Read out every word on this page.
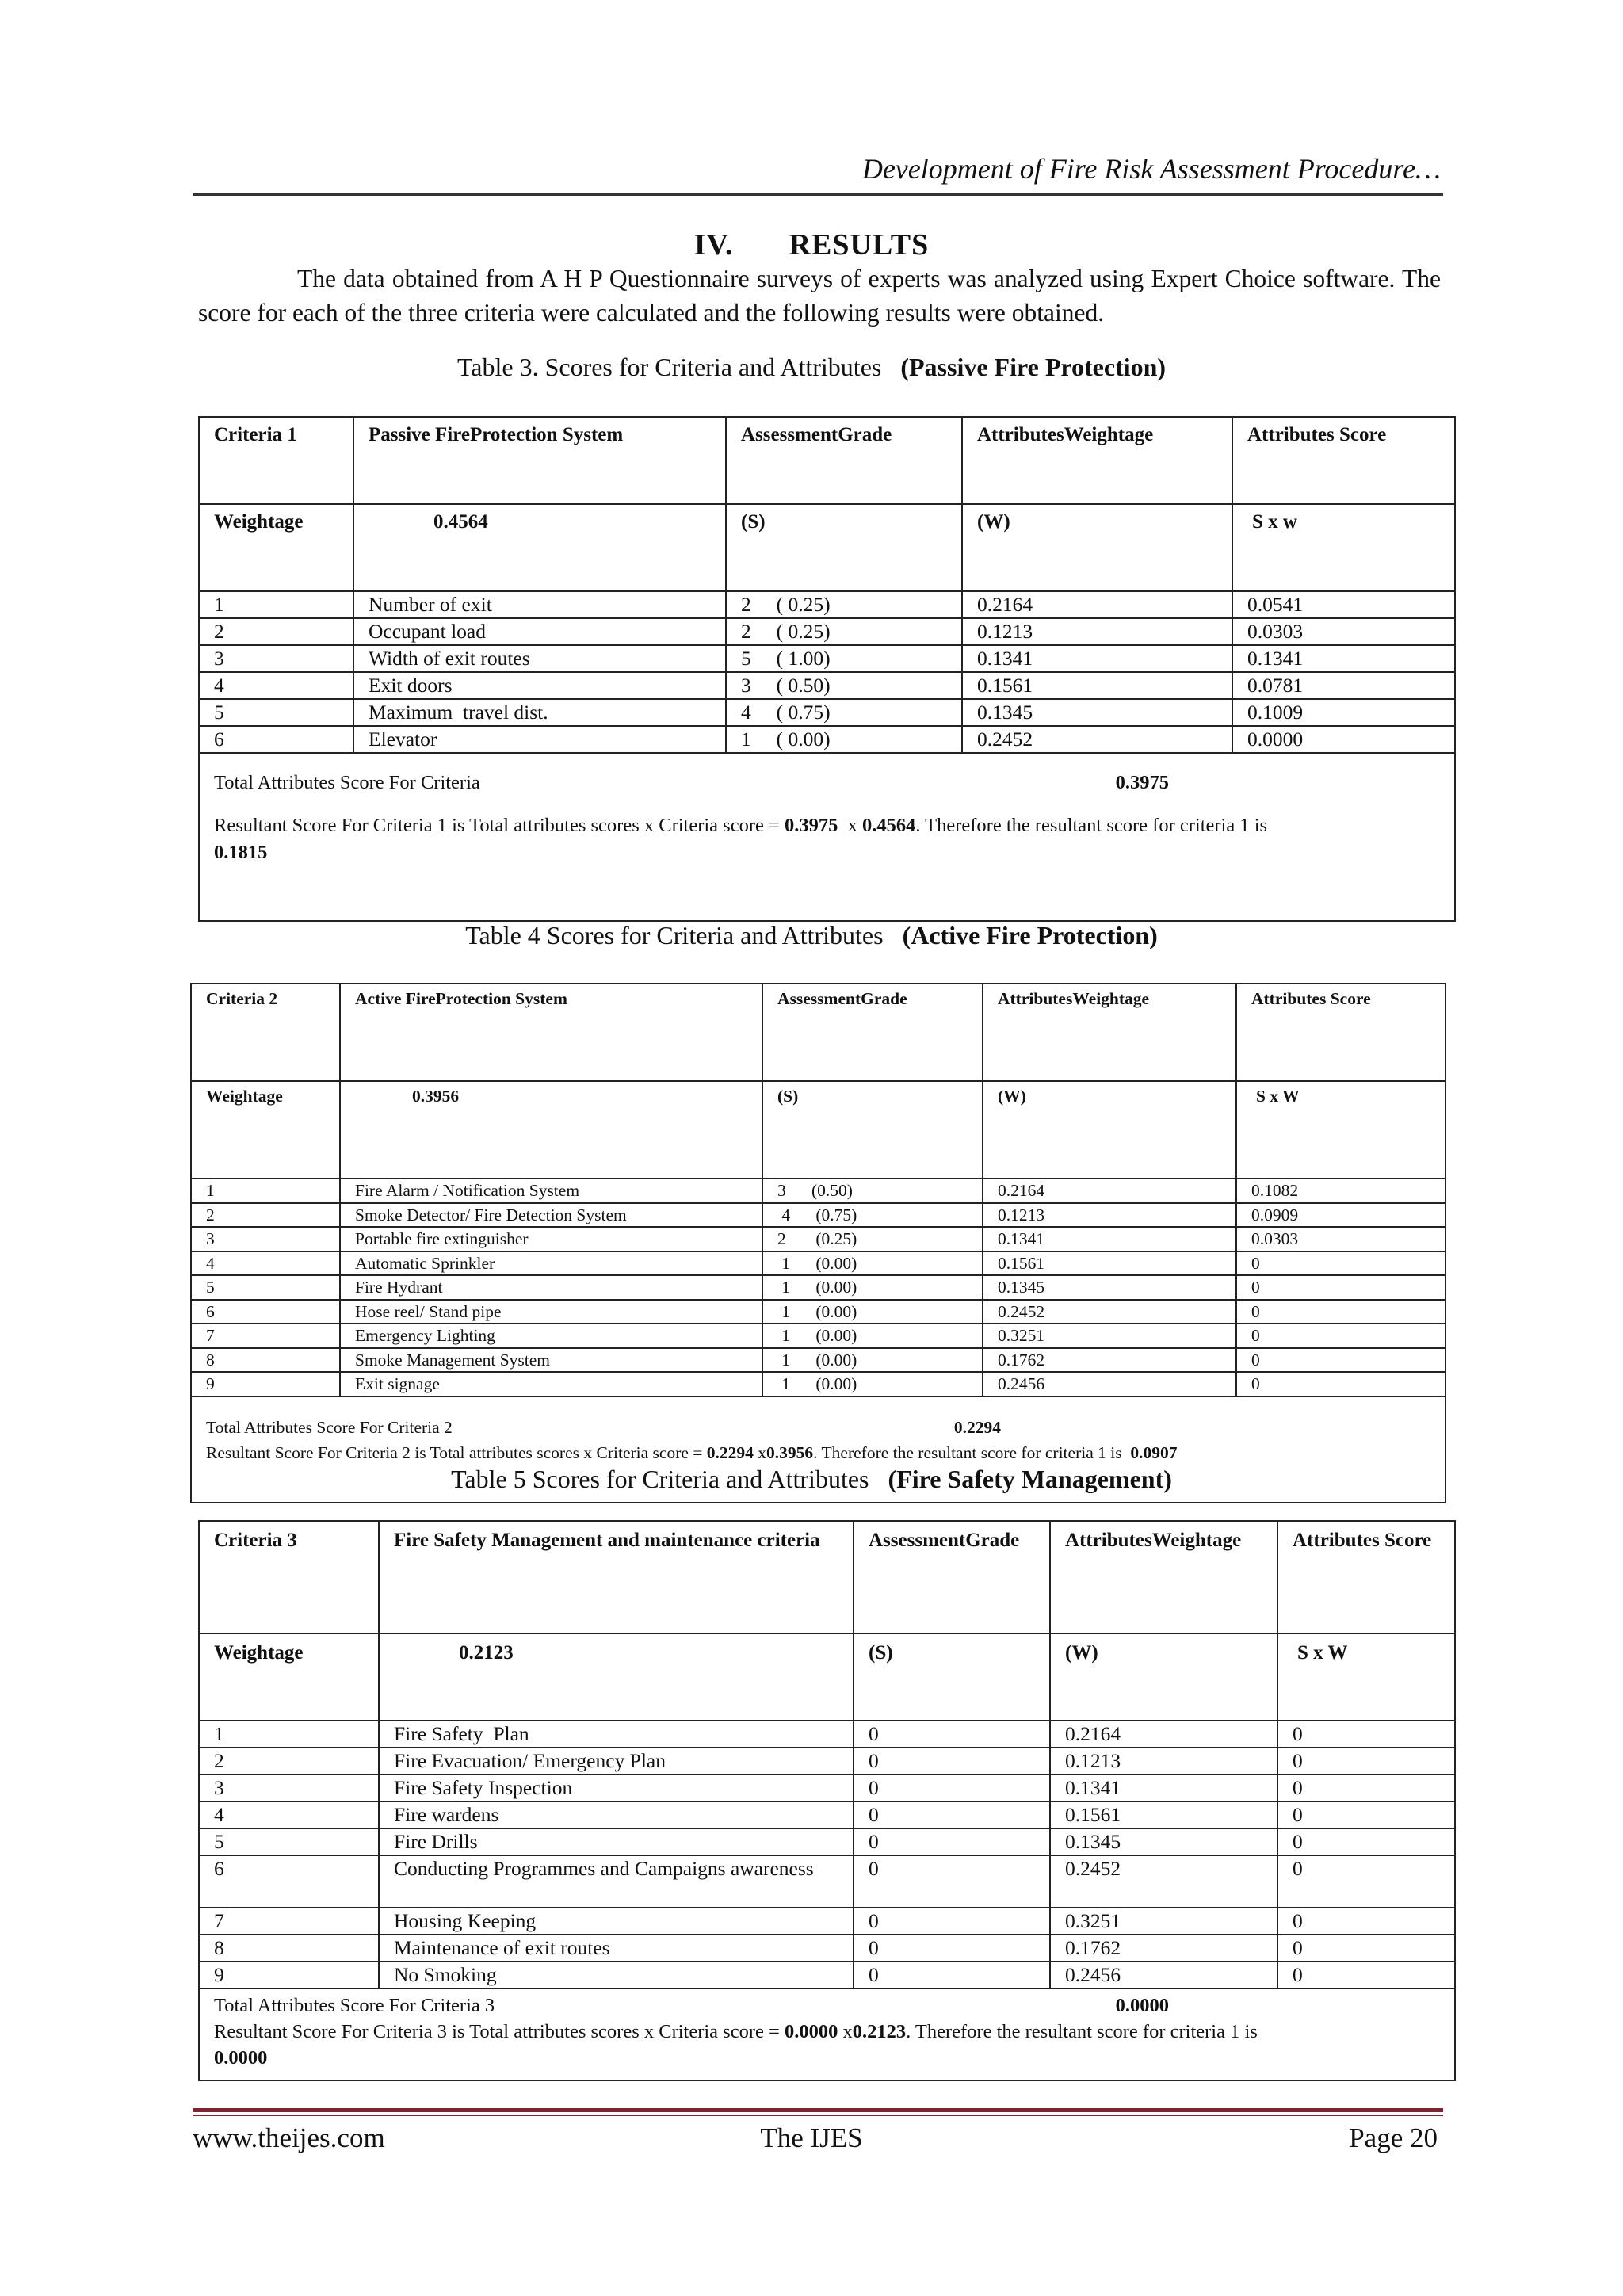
Development of Fire Risk Assessment Procedure…
IV. RESULTS
The data obtained from A H P Questionnaire surveys of experts was analyzed using Expert Choice software. The score for each of the three criteria were calculated and the following results were obtained.
Table 3. Scores for Criteria and Attributes (Passive Fire Protection)
Criteria 1	Passive FireProtection System	AssessmentGrade	AttributesWeightage	Attributes Score
Weightage	0.4564	(S)	(W)	S x w
1	Number of exit	2     ( 0.25)	0.2164	0.0541
2	Occupant load	2     ( 0.25)	0.1213	0.0303
3	Width of exit routes	5     ( 1.00)	0.1341	0.1341
4	Exit doors	3     ( 0.50)	0.1561	0.0781
5	Maximum  travel dist.	4     ( 0.75)	0.1345	0.1009
6	Elevator	1     ( 0.00)	0.2452	0.0000

Total Attributes Score For Criteria 0.3975
Resultant Score For Criteria 1 is Total attributes scores x Criteria score = 0.3975  x 0.4564. Therefore the resultant score for criteria 1 is
0.1815				
Table 4 Scores for Criteria and Attributes (Active Fire Protection)
Criteria 2	Active FireProtection System	AssessmentGrade	AttributesWeightage	Attributes Score
Weightage	0.3956	(S)	(W)	S x W
1	Fire Alarm / Notification System	3      (0.50)	0.2164	0.1082
2	Smoke Detector/ Fire Detection System	4      (0.75)	0.1213	0.0909
3	Portable fire extinguisher	2       (0.25)	0.1341	0.0303
4	Automatic Sprinkler	1      (0.00)	0.1561	0
5	Fire Hydrant	1      (0.00)	0.1345	0
6	Hose reel/ Stand pipe	1      (0.00)	0.2452	0
7	Emergency Lighting	1      (0.00)	0.3251	0
8	Smoke Management System	1      (0.00)	0.1762	0
9	Exit signage	1      (0.00)	0.2456	0

Total Attributes Score For Criteria 2 0.2294
Resultant Score For Criteria 2 is Total attributes scores x Criteria score = 0.2294 x0.3956. Therefore the resultant score for criteria 1 is  0.0907				
Table 5 Scores for Criteria and Attributes (Fire Safety Management)
Criteria 3	Fire Safety Management and maintenance criteria	AssessmentGrade	AttributesWeightage	Attributes Score
Weightage	0.2123	(S)	(W)	S x W
1	Fire Safety  Plan	0	0.2164	0
2	Fire Evacuation/ Emergency Plan	0	0.1213	0
3	Fire Safety Inspection	0	0.1341	0
4	Fire wardens	0	0.1561	0
5	Fire Drills	0	0.1345	0
6	Conducting Programmes and Campaigns awareness	0	0.2452	0
7	Housing Keeping	0	0.3251	0
8	Maintenance of exit routes	0	0.1762	0
9	No Smoking	0	0.2456	0

Total Attributes Score For Criteria 3 0.0000
Resultant Score For Criteria 3 is Total attributes scores x Criteria score = 0.0000 x0.2123. Therefore the resultant score for criteria 1 is
0.0000				
www.theijes.com	The IJES	Page 20
